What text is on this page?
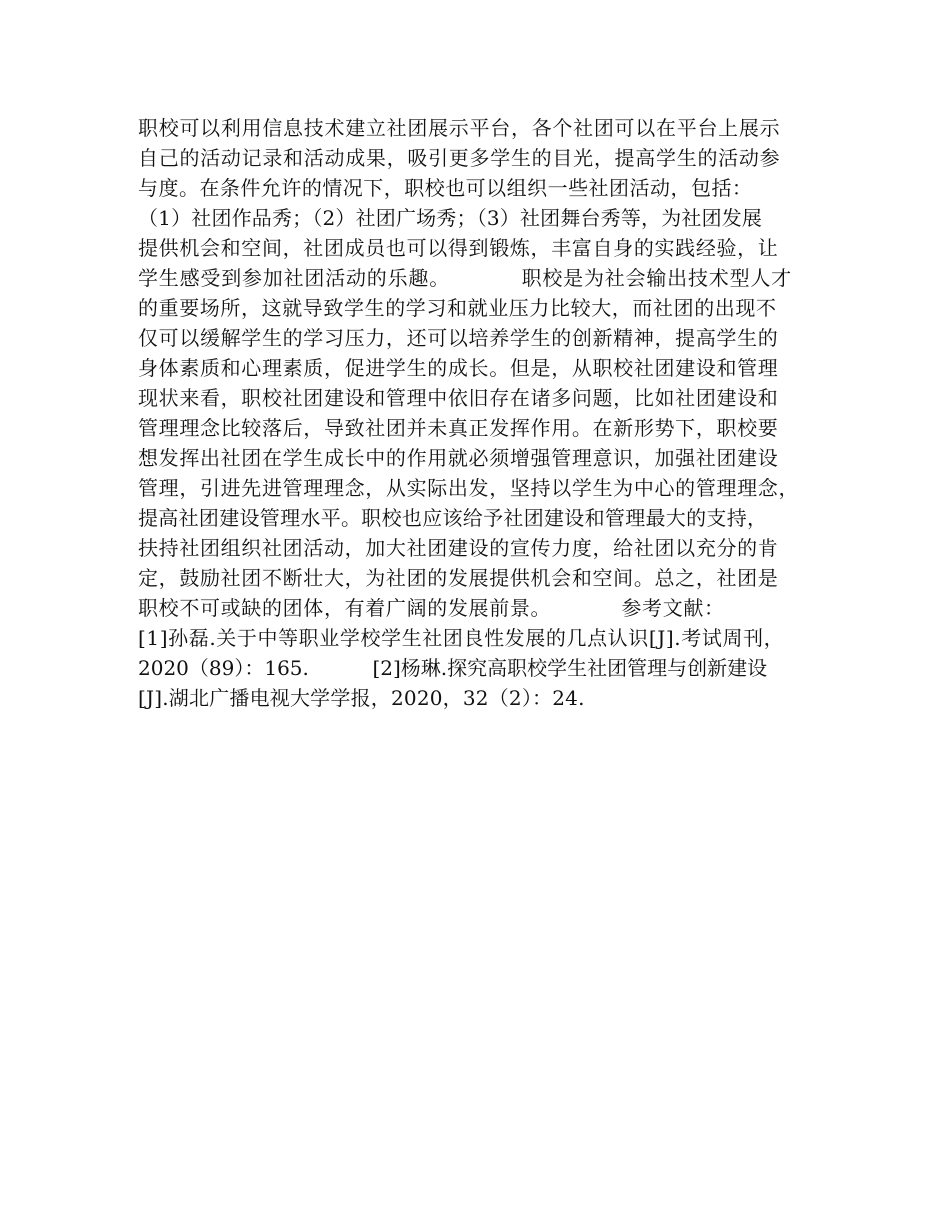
职校可以利用信息技术建立社团展示平台，各个社团可以在平台上展示
自己的活动记录和活动成果，吸引更多学生的目光，提高学生的活动参
与度。在条件允许的情况下，职校也可以组织一些社团活动，包括：
（1）社团作品秀；（2）社团广场秀；（3）社团舞台秀等，为社团发展
提供机会和空间，社团成员也可以得到锻炼，丰富自身的实践经验，让
学生感受到参加社团活动的乐趣。          职校是为社会输出技术型人才
的重要场所，这就导致学生的学习和就业压力比较大，而社团的出现不
仅可以缓解学生的学习压力，还可以培养学生的创新精神，提高学生的
身体素质和心理素质，促进学生的成长。但是，从职校社团建设和管理
现状来看，职校社团建设和管理中依旧存在诸多问题，比如社团建设和
管理理念比较落后，导致社团并未真正发挥作用。在新形势下，职校要
想发挥出社团在学生成长中的作用就必须增强管理意识，加强社团建设
管理，引进先进管理理念，从实际出发，坚持以学生为中心的管理理念，
提高社团建设管理水平。职校也应该给予社团建设和管理最大的支持，
扶持社团组织社团活动，加大社团建设的宣传力度，给社团以充分的肯
定，鼓励社团不断壮大，为社团的发展提供机会和空间。总之，社团是
职校不可或缺的团体，有着广阔的发展前景。          参考文献：
[1]孙磊.关于中等职业学校学生社团良性发展的几点认识[J].考试周刊，
2020（89）：165.          [2]杨琳.探究高职校学生社团管理与创新建设
[J].湖北广播电视大学学报，2020，32（2）：24.
